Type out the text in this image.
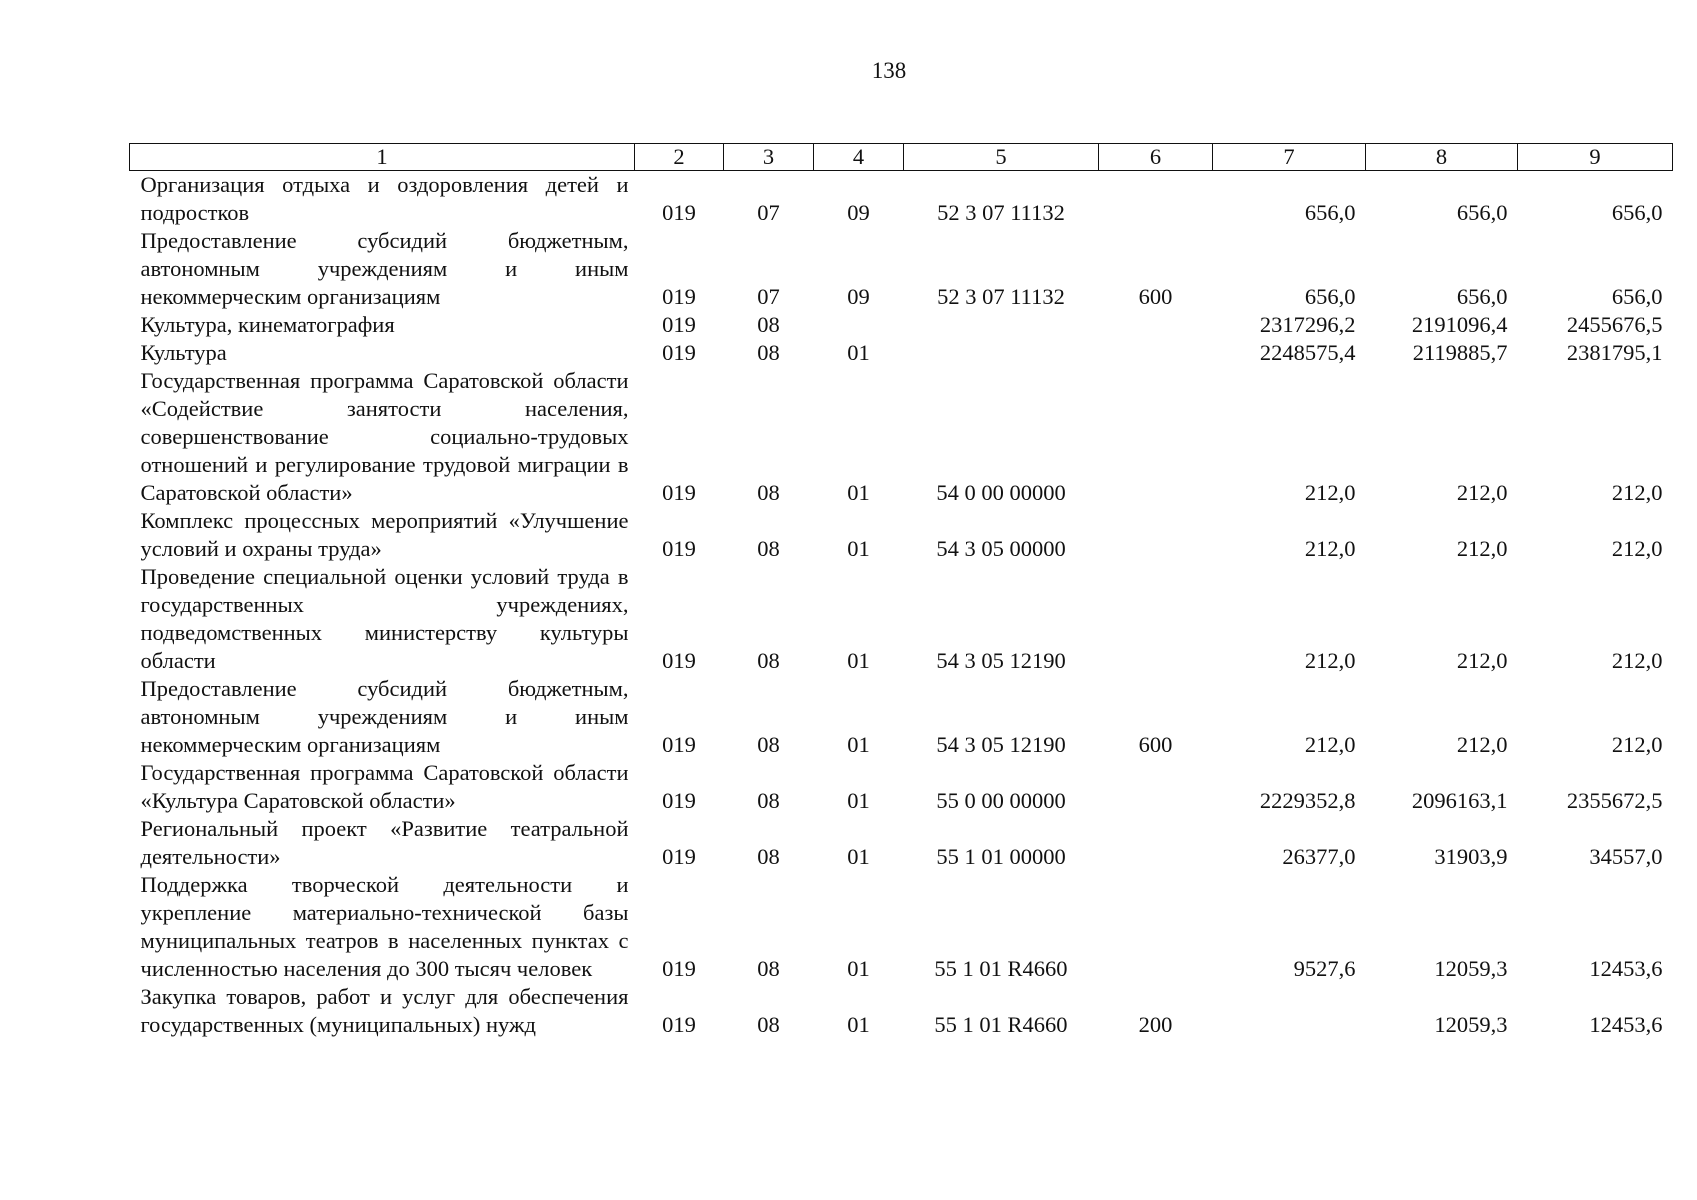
138
1	2	3	4	5	6	7	8	9
Организация отдыха и оздоровления детей и подростков	019	07	09	52 3 07 11132		656,0	656,0	656,0
Предоставление субсидий бюджетным, автономным учреждениям и иным некоммерческим организациям	019	07	09	52 3 07 11132	600	656,0	656,0	656,0
Культура, кинематография	019	08				2317296,2	2191096,4	2455676,5
Культура	019	08	01			2248575,4	2119885,7	2381795,1
Государственная программа Саратовской области «Содействие занятости населения, совершенствование социально-трудовых отношений и регулирование трудовой миграции в Саратовской области»	019	08	01	54 0 00 00000		212,0	212,0	212,0
Комплекс процессных мероприятий «Улучшение условий и охраны труда»	019	08	01	54 3 05 00000		212,0	212,0	212,0
Проведение специальной оценки условий труда в государственных учреждениях, подведомственных министерству культуры области	019	08	01	54 3 05 12190		212,0	212,0	212,0
Предоставление субсидий бюджетным, автономным учреждениям и иным некоммерческим организациям	019	08	01	54 3 05 12190	600	212,0	212,0	212,0
Государственная программа Саратовской области «Культура Саратовской области»	019	08	01	55 0 00 00000		2229352,8	2096163,1	2355672,5
Региональный проект «Развитие театральной деятельности»	019	08	01	55 1 01 00000		26377,0	31903,9	34557,0
Поддержка творческой деятельности и укрепление материально-технической базы муниципальных театров в населенных пунктах с численностью населения до 300 тысяч человек	019	08	01	55 1 01 R4660		9527,6	12059,3	12453,6
Закупка товаров, работ и услуг для обеспечения государственных (муниципальных) нужд	019	08	01	55 1 01 R4660	200		12059,3	12453,6
